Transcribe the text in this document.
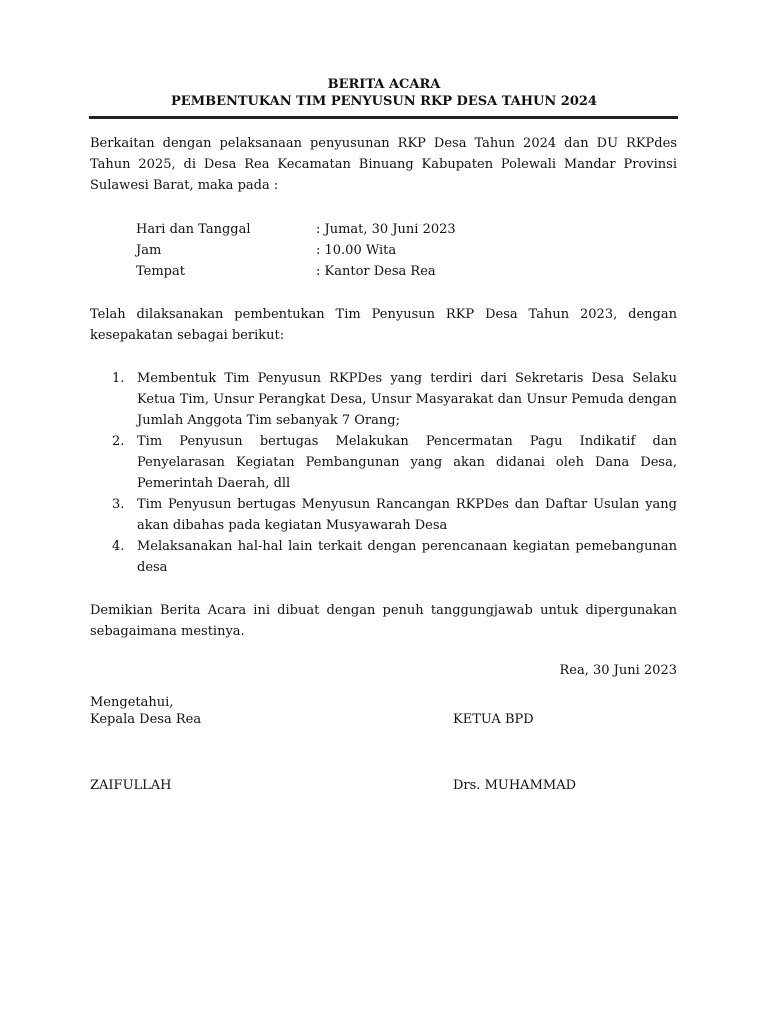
BERITA ACARA
PEMBENTUKAN TIM PENYUSUN RKP DESA TAHUN 2024
Berkaitan dengan pelaksanaan penyusunan RKP Desa Tahun 2024 dan DU RKPdes Tahun 2025, di Desa Rea Kecamatan Binuang Kabupaten Polewali Mandar Provinsi Sulawesi Barat, maka pada :
Hari dan Tanggal	: Jumat, 30 Juni 2023
Jam	: 10.00 Wita
Tempat	: Kantor Desa Rea
Telah dilaksanakan pembentukan Tim Penyusun RKP Desa Tahun 2023, dengan kesepakatan sebagai berikut:
1. Membentuk Tim Penyusun RKPDes yang terdiri dari Sekretaris Desa Selaku Ketua Tim, Unsur Perangkat Desa, Unsur Masyarakat dan Unsur Pemuda dengan Jumlah Anggota Tim sebanyak 7 Orang;
2. Tim Penyusun bertugas Melakukan Pencermatan Pagu Indikatif dan Penyelarasan Kegiatan Pembangunan yang akan didanai oleh Dana Desa, Pemerintah Daerah, dll
3. Tim Penyusun bertugas Menyusun Rancangan RKPDes dan Daftar Usulan yang akan dibahas pada kegiatan Musyawarah Desa
4. Melaksanakan hal-hal lain terkait dengan perencanaan kegiatan pemebangunan desa
Demikian Berita Acara ini dibuat dengan penuh tanggungjawab untuk dipergunakan sebagaimana mestinya.
Rea, 30 Juni 2023
Mengetahui,
Kepala Desa Rea	KETUA BPD
ZAIFULLAH	Drs. MUHAMMAD
